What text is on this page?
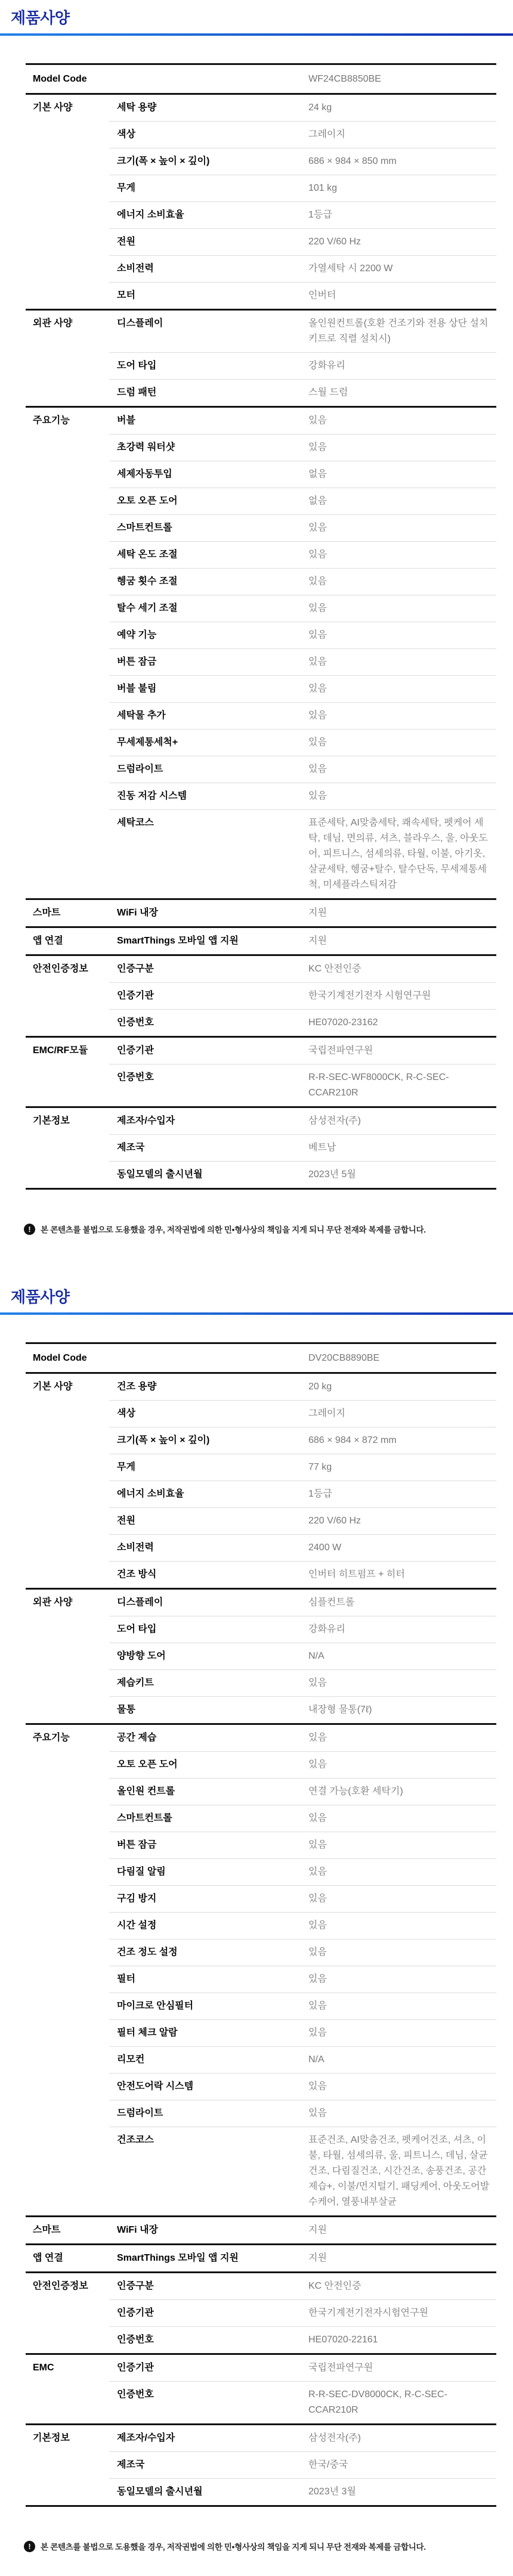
제품사양
Model Code	WF24CB8850BE
기본 사양	세탁 용량	24 kg
색상	그레이지
크기(폭 × 높이 × 깊이)	686 × 984 × 850 mm
무게	101 kg
에너지 소비효율	1등급
전원	220 V/60 Hz
소비전력	가열세탁 시 2200 W
모터	인버터
외관 사양	디스플레이	올인원컨트롤(호환 건조기와 전용 상단 설치 키트로 직렬 설치시)
도어 타입	강화유리
드럼 패턴	스월 드럼
주요기능	버블	있음
초강력 워터샷	있음
세제자동투입	없음
오토 오픈 도어	없음
스마트컨트롤	있음
세탁 온도 조절	있음
헹굼 횟수 조절	있음
탈수 세기 조절	있음
예약 기능	있음
버튼 잠금	있음
버블 불림	있음
세탁물 추가	있음
무세제통세척+	있음
드럼라이트	있음
진동 저감 시스템	있음
세탁코스	표준세탁, AI맞춤세탁, 쾌속세탁, 펫케어 세탁, 데님, 면의류, 셔츠, 블라우스, 울, 아웃도어, 피트니스, 섬세의류, 타월, 이불, 아기옷, 살균세탁, 헹굼+탈수, 탈수단독, 무세제통세척, 미세플라스틱저감
스마트	WiFi 내장	지원
앱 연결	SmartThings 모바일 앱 지원	지원
안전인증정보	인증구분	KC 안전인증
인증기관	한국기계전기전자 시험연구원
인증번호	HE07020-23162
EMC/RF모듈	인증기관	국립전파연구원
인증번호	R-R-SEC-WF8000CK, R-C-SEC-CCAR210R
기본정보	제조자/수입자	삼성전자(주)
제조국	베트남
동일모델의 출시년월	2023년 5월
!	본 콘텐츠를 불법으로 도용했을 경우, 저작권법에 의한 민•형사상의 책임을 지게 되니 무단 전재와 복제를 금합니다.
제품사양
Model Code	DV20CB8890BE
기본 사양	건조 용량	20 kg
색상	그레이지
크기(폭 × 높이 × 깊이)	686 × 984 × 872 mm
무게	77 kg
에너지 소비효율	1등급
전원	220 V/60 Hz
소비전력	2400 W
건조 방식	인버터 히트펌프 + 히터
외관 사양	디스플레이	심플컨트롤
도어 타입	강화유리
양방향 도어	N/A
제습키트	있음
물통	내장형 물통(7ℓ)
주요기능	공간 제습	있음
오토 오픈 도어	있음
올인원 컨트롤	연결 가능(호환 세탁기)
스마트컨트롤	있음
버튼 잠금	있음
다림질 알림	있음
구김 방지	있음
시간 설정	있음
건조 정도 설정	있음
필터	있음
마이크로 안심필터	있음
필터 체크 알람	있음
리모컨	N/A
안전도어락 시스템	있음
드럼라이트	있음
건조코스	표준건조, AI맞춤건조, 펫케어건조, 셔츠, 이불, 타월, 섬세의류, 울, 피트니스, 데님, 살균건조, 다림질건조, 시간건조, 송풍건조, 공간제습+, 이불/먼지털기, 패딩케어, 아웃도어발수케어, 열풍내부살균
스마트	WiFi 내장	지원
앱 연결	SmartThings 모바일 앱 지원	지원
안전인증정보	인증구분	KC 안전인증
인증기관	한국기계전기전자시험연구원
인증번호	HE07020-22161
EMC	인증기관	국립전파연구원
인증번호	R-R-SEC-DV8000CK, R-C-SEC-CCAR210R
기본정보	제조자/수입자	삼성전자(주)
제조국	한국/중국
동일모델의 출시년월	2023년 3월
!	본 콘텐츠를 불법으로 도용했을 경우, 저작권법에 의한 민•형사상의 책임을 지게 되니 무단 전재와 복제를 금합니다.
